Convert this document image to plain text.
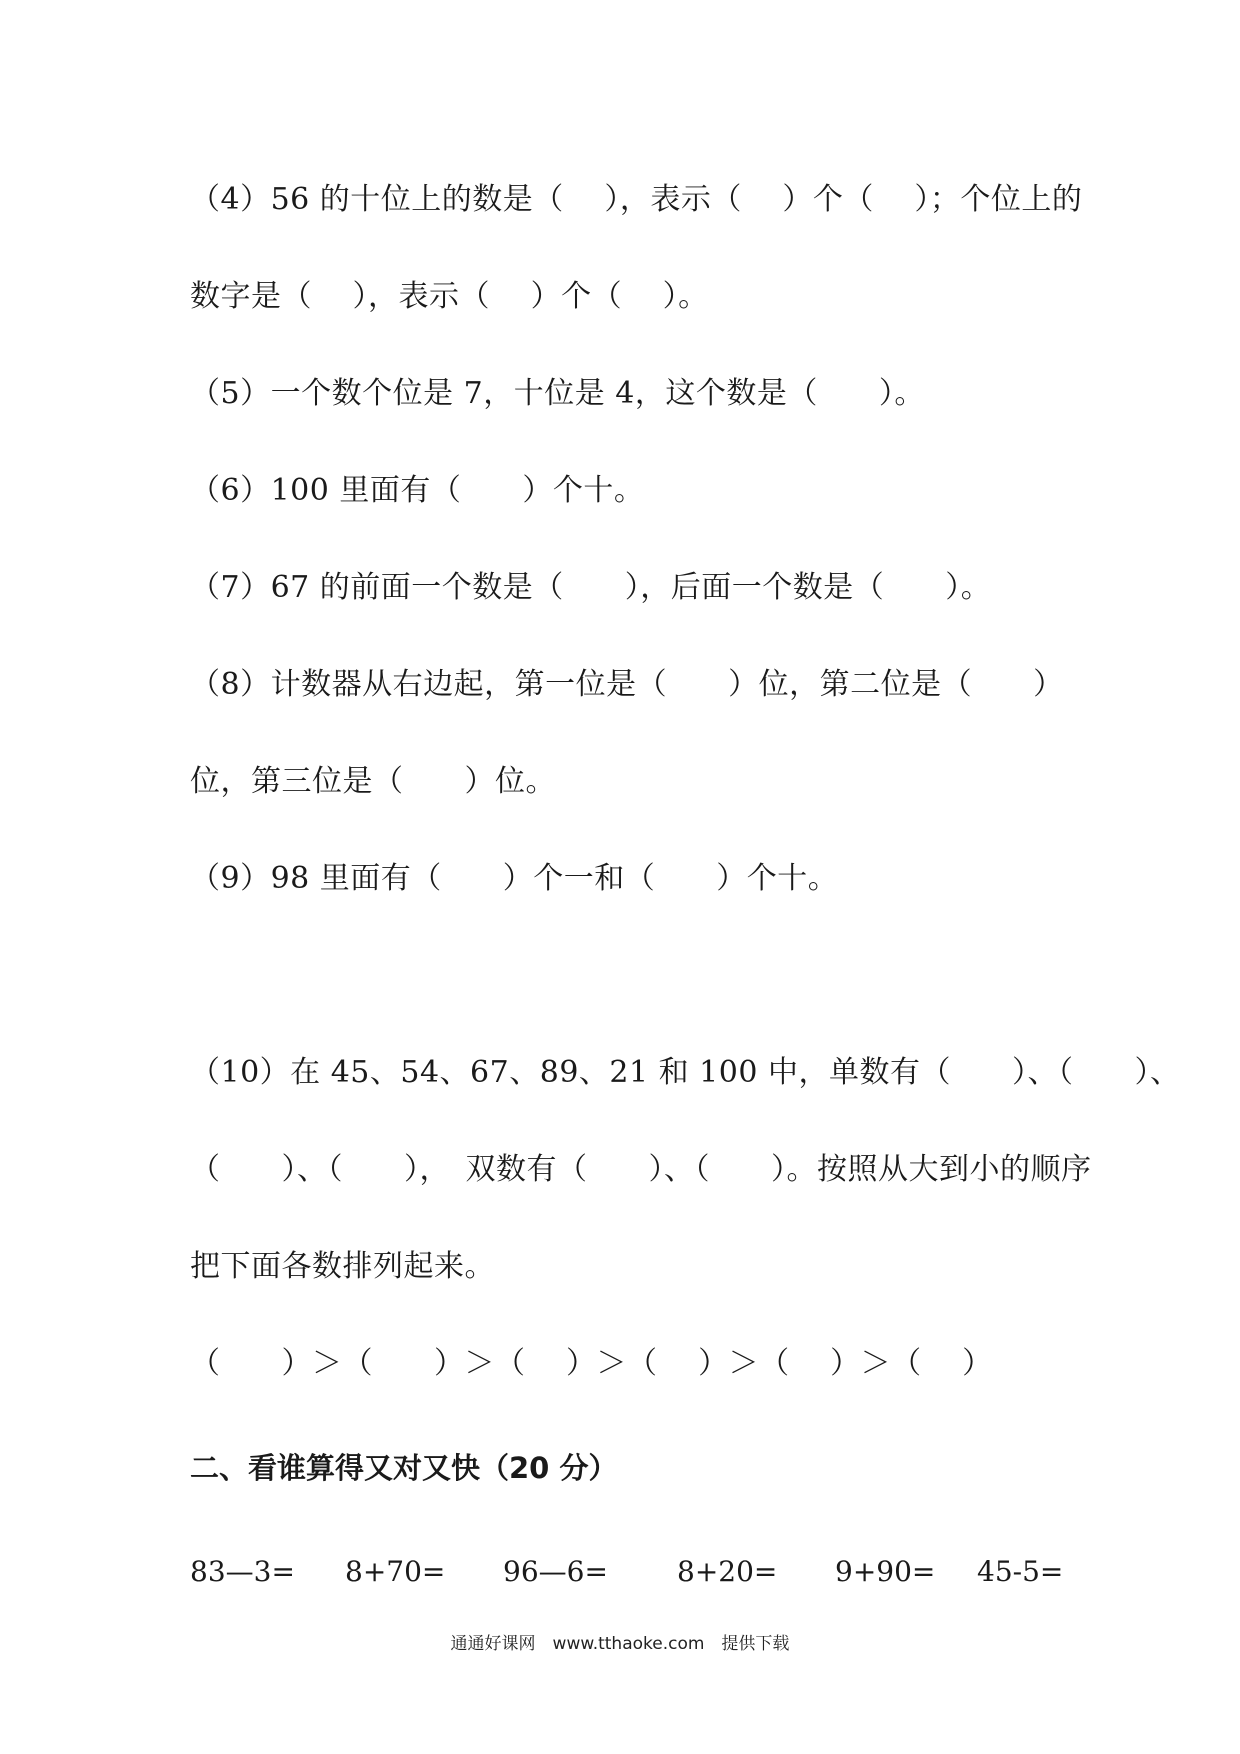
（4）56 的十位上的数是（　 ），表示（　 ）个（　 ）；个位上的
数字是（　 ），表示（　 ）个（　 ）。
（5）一个数个位是 7，十位是 4，这个数是（　　）。
（6）100 里面有（　　）个十。
（7）67 的前面一个数是（　　），后面一个数是（　　）。
（8）计数器从右边起，第一位是（　　）位，第二位是（　　）
位，第三位是（　　）位。
（9）98 里面有（　　）个一和（　　）个十。
（10）在 45、54、67、89、21 和 100 中，单数有（　　）、（　　）、
（　　）、（　　），　双数有（　　）、（　　）。按照从大到小的顺序
把下面各数排列起来。
（　　）＞（　　）＞（　 ）＞（　 ）＞（　 ）＞（　 ）
二、看谁算得又对又快（20 分）
83—3= 8+70= 96—6= 8+20= 9+90= 45-5=
通通好课网　www.tthaoke.com　提供下载
